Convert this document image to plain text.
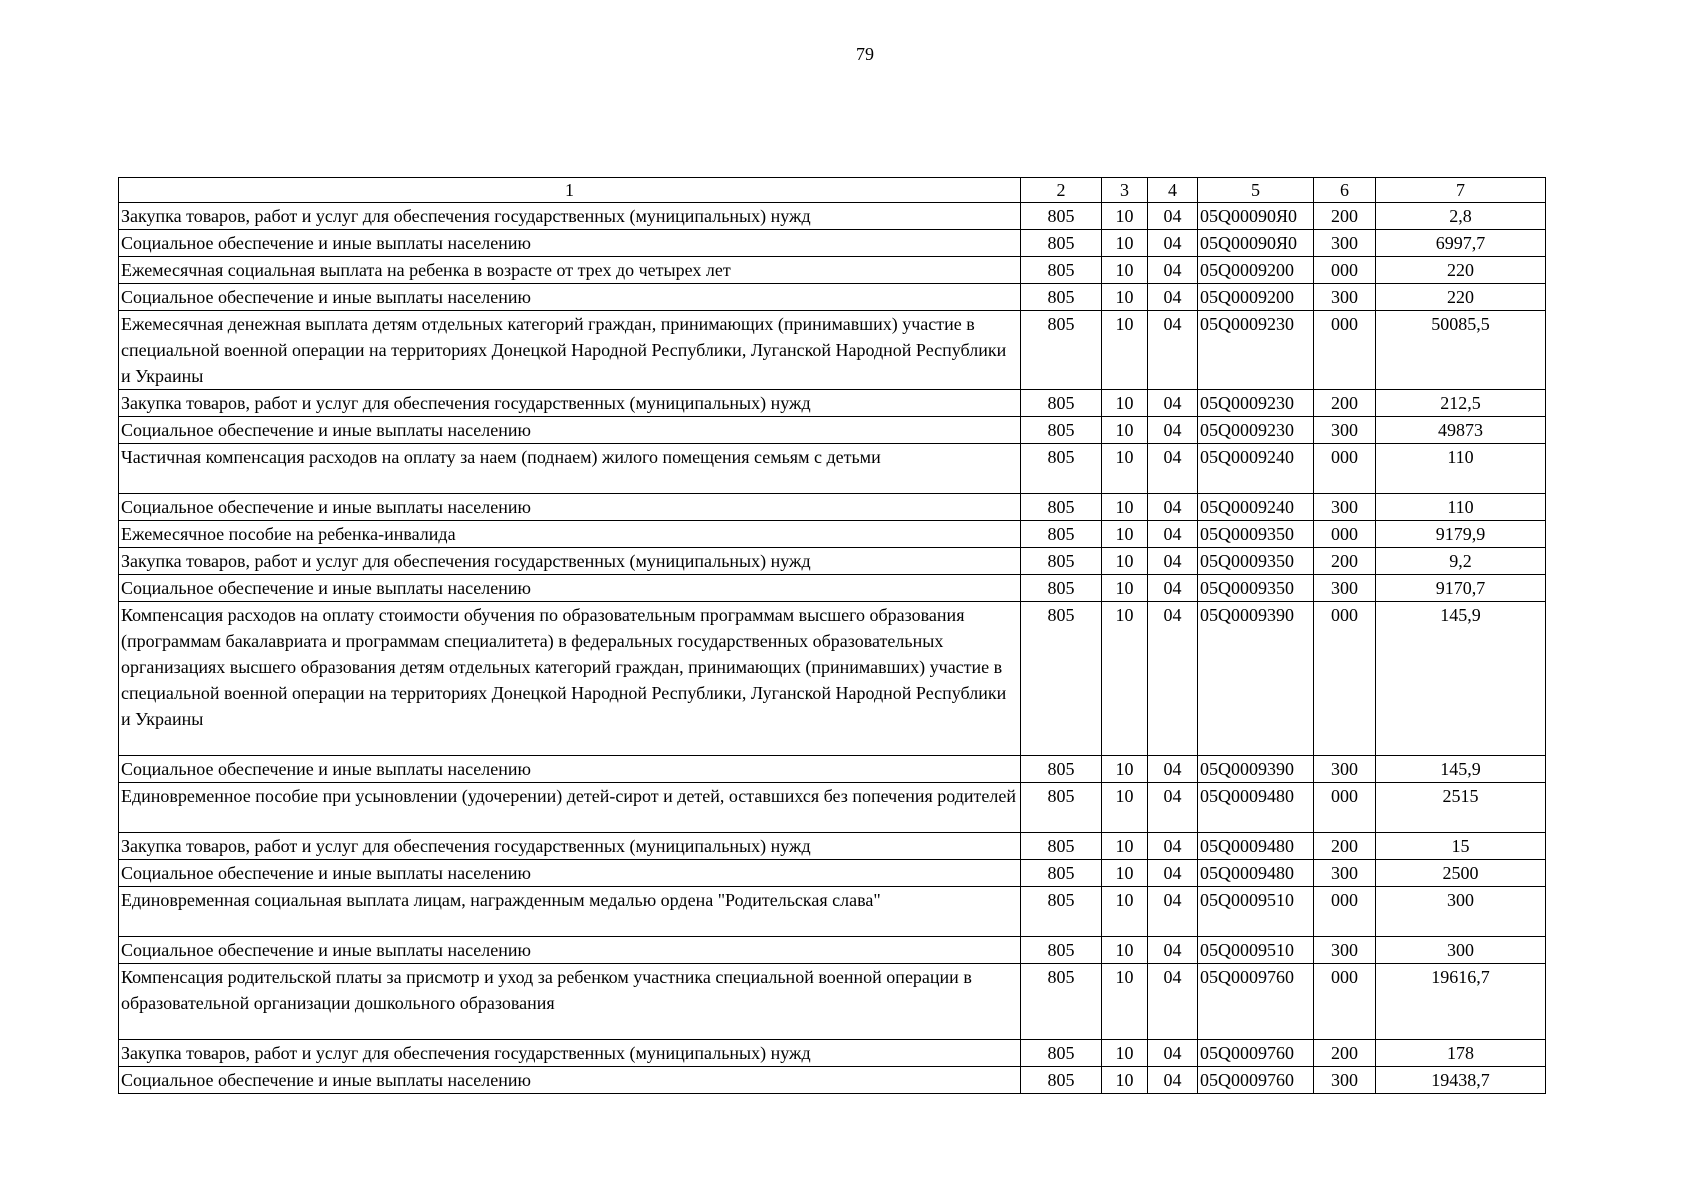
79
1	2	3	4	5	6	7
Закупка товаров, работ и услуг для обеспечения государственных (муниципальных) нужд	805	10	04	05Q00090Я0	200	2,8
Социальное обеспечение и иные выплаты населению	805	10	04	05Q00090Я0	300	6997,7
Ежемесячная социальная выплата на ребенка в возрасте от трех до четырех лет	805	10	04	05Q0009200	000	220
Социальное обеспечение и иные выплаты населению	805	10	04	05Q0009200	300	220
Ежемесячная денежная выплата детям отдельных категорий граждан, принимающих (принимавших) участие в специальной военной операции на территориях Донецкой Народной Республики, Луганской Народной Республики и Украины	805	10	04	05Q0009230	000	50085,5
Закупка товаров, работ и услуг для обеспечения государственных (муниципальных) нужд	805	10	04	05Q0009230	200	212,5
Социальное обеспечение и иные выплаты населению	805	10	04	05Q0009230	300	49873
Частичная компенсация расходов на оплату за наем (поднаем) жилого помещения семьям с детьми	805	10	04	05Q0009240	000	110
Социальное обеспечение и иные выплаты населению	805	10	04	05Q0009240	300	110
Ежемесячное пособие на ребенка-инвалида	805	10	04	05Q0009350	000	9179,9
Закупка товаров, работ и услуг для обеспечения государственных (муниципальных) нужд	805	10	04	05Q0009350	200	9,2
Социальное обеспечение и иные выплаты населению	805	10	04	05Q0009350	300	9170,7
Компенсация расходов на оплату стоимости обучения по образовательным программам высшего образования (программам бакалавриата и программам специалитета) в федеральных государственных образовательных организациях высшего образования детям отдельных категорий граждан, принимающих (принимавших) участие в специальной военной операции на территориях Донецкой Народной Республики, Луганской Народной Республики и Украины	805	10	04	05Q0009390	000	145,9
Социальное обеспечение и иные выплаты населению	805	10	04	05Q0009390	300	145,9
Единовременное пособие при усыновлении (удочерении) детей-сирот и детей, оставшихся без попечения родителей	805	10	04	05Q0009480	000	2515
Закупка товаров, работ и услуг для обеспечения государственных (муниципальных) нужд	805	10	04	05Q0009480	200	15
Социальное обеспечение и иные выплаты населению	805	10	04	05Q0009480	300	2500
Единовременная социальная выплата лицам, награжденным медалью ордена "Родительская слава"	805	10	04	05Q0009510	000	300
Социальное обеспечение и иные выплаты населению	805	10	04	05Q0009510	300	300
Компенсация родительской платы за присмотр и уход за ребенком участника специальной военной операции в образовательной организации дошкольного образования	805	10	04	05Q0009760	000	19616,7
Закупка товаров, работ и услуг для обеспечения государственных (муниципальных) нужд	805	10	04	05Q0009760	200	178
Социальное обеспечение и иные выплаты населению	805	10	04	05Q0009760	300	19438,7
